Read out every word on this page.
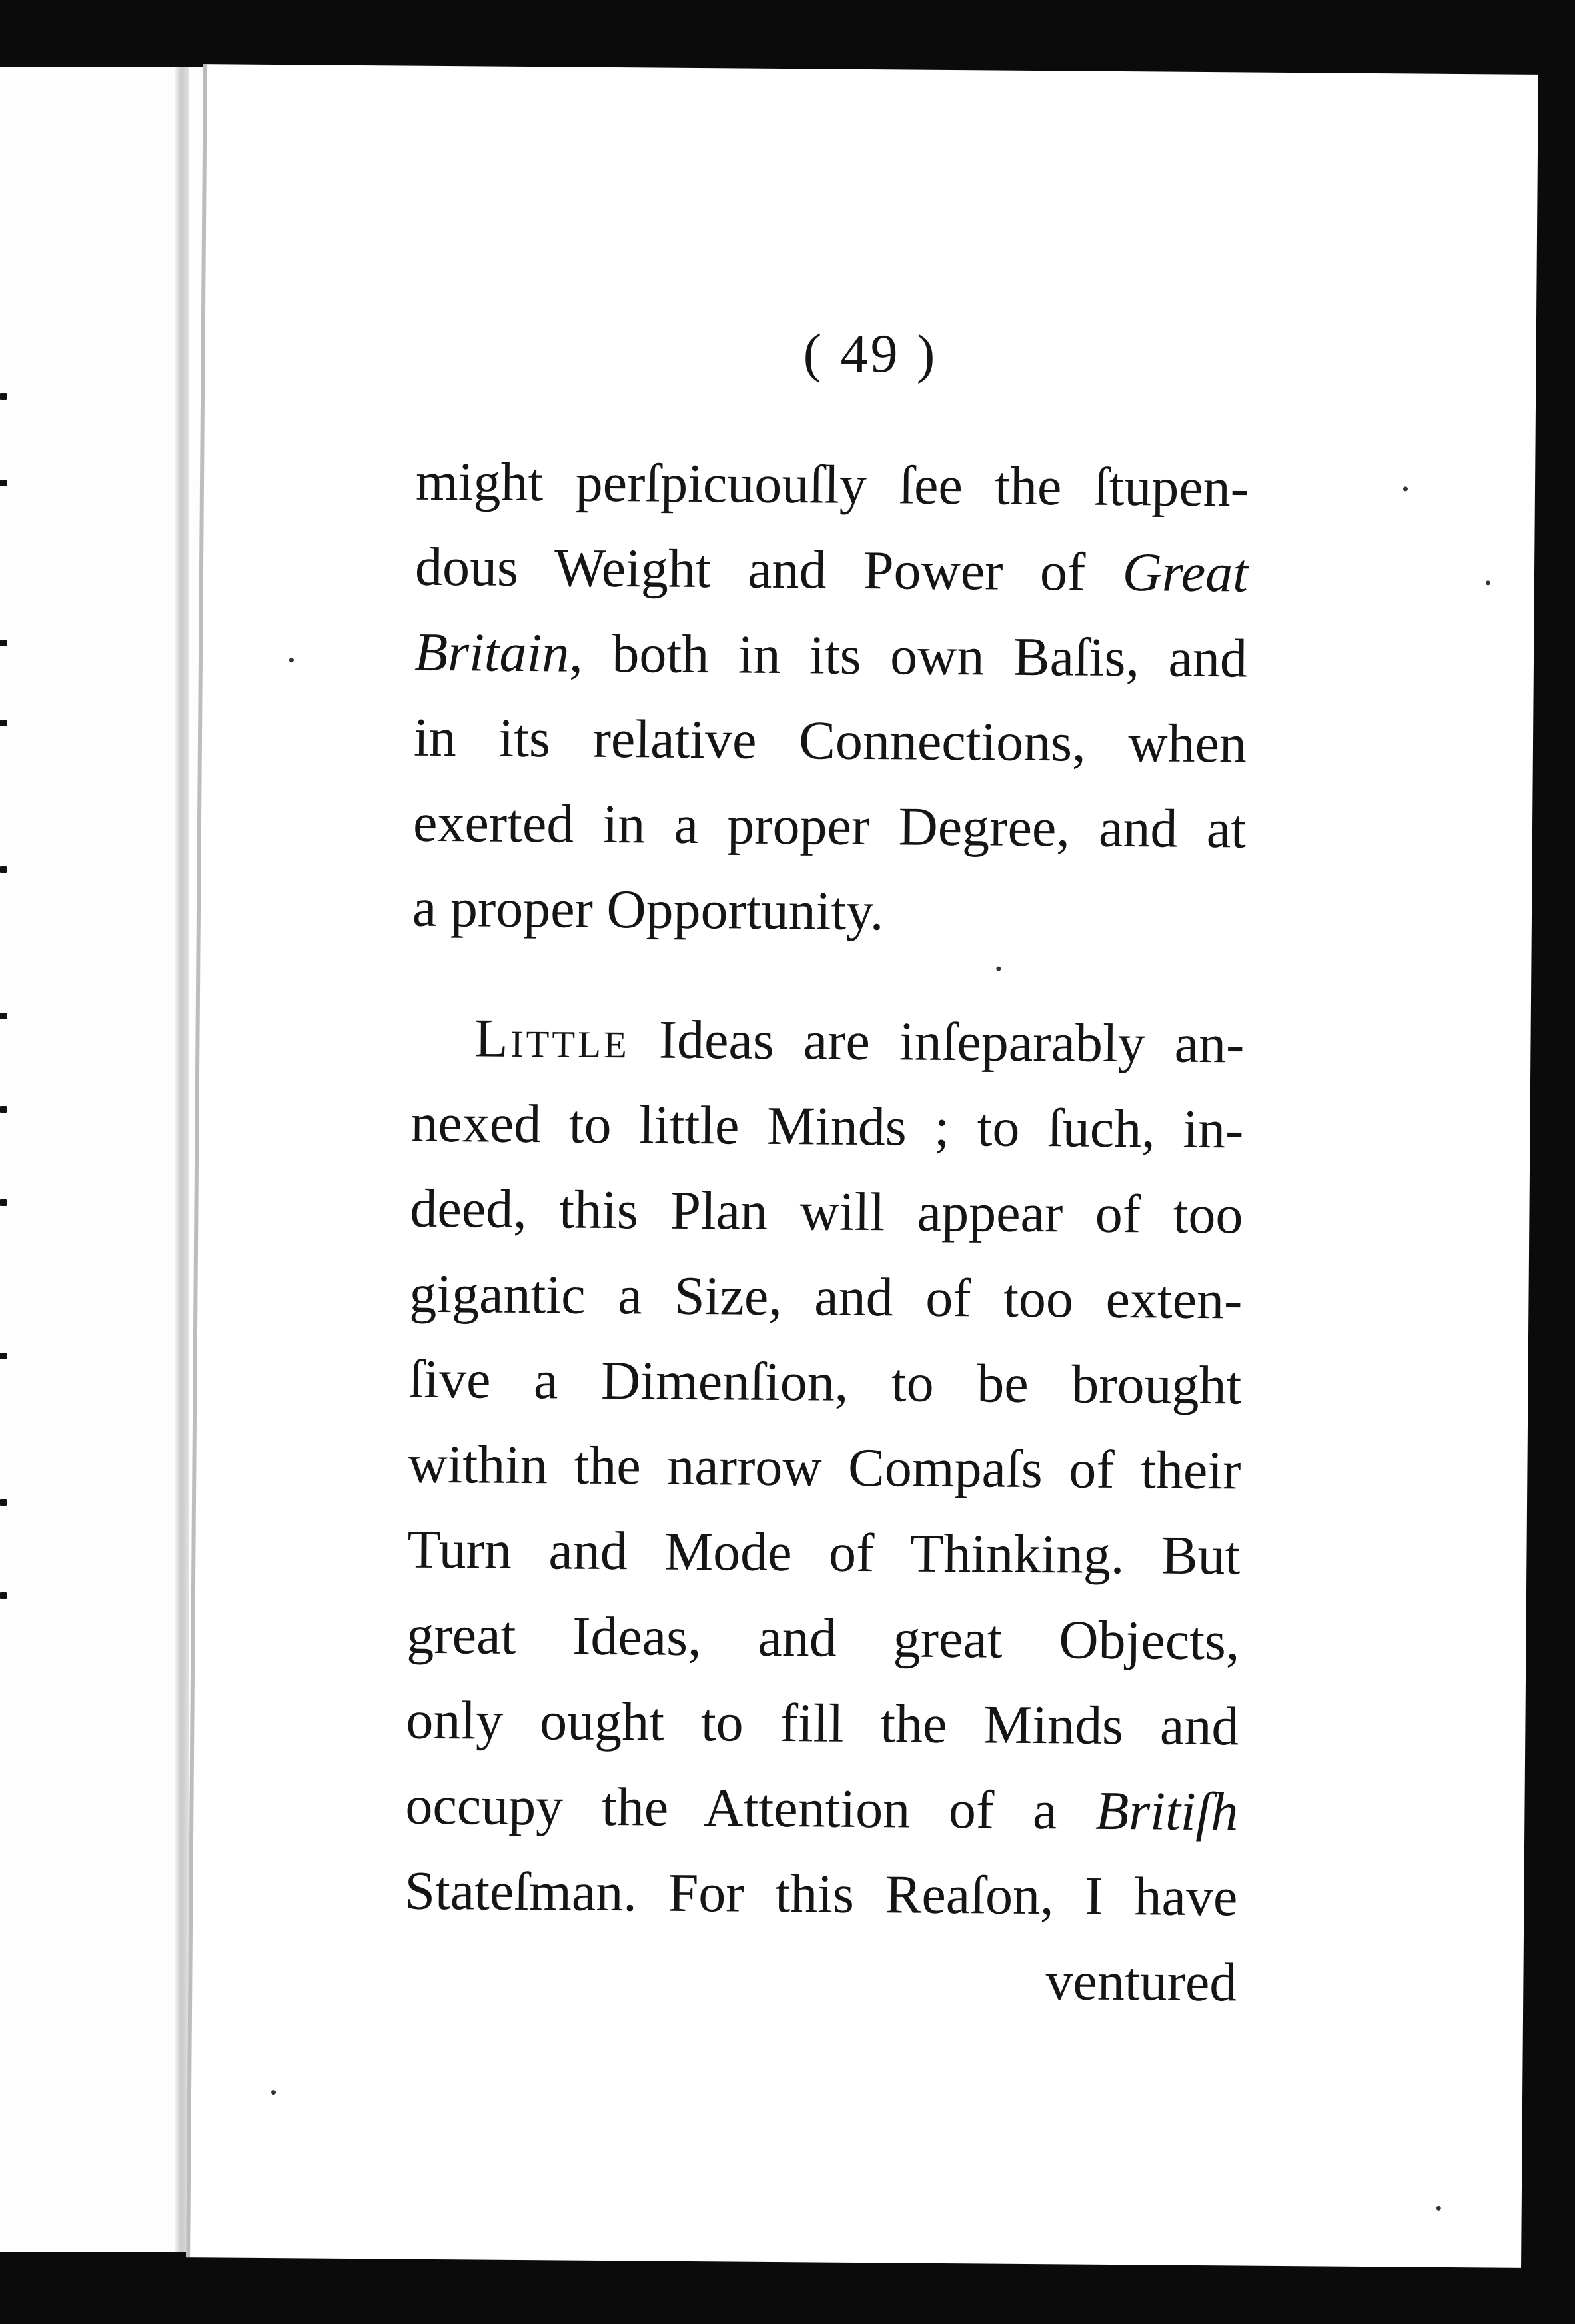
( 49 )
might perſpicuouſly ſee the ſtupen-
dous Weight and Power of Great
Britain, both in its own Baſis, and
in its relative Connections, when
exerted in a proper Degree, and at
a proper Opportunity.
Little Ideas are inſeparably an-
nexed to little Minds ; to ſuch, in-
deed, this Plan will appear of too
gigantic a Size, and of too exten-
ſive a Dimenſion, to be brought
within the narrow Compaſs of their
Turn and Mode of Thinking. But
great Ideas, and great Objects,
only ought to fill the Minds and
occupy the Attention of a Britiſh
Stateſman. For this Reaſon, I have
ventured
